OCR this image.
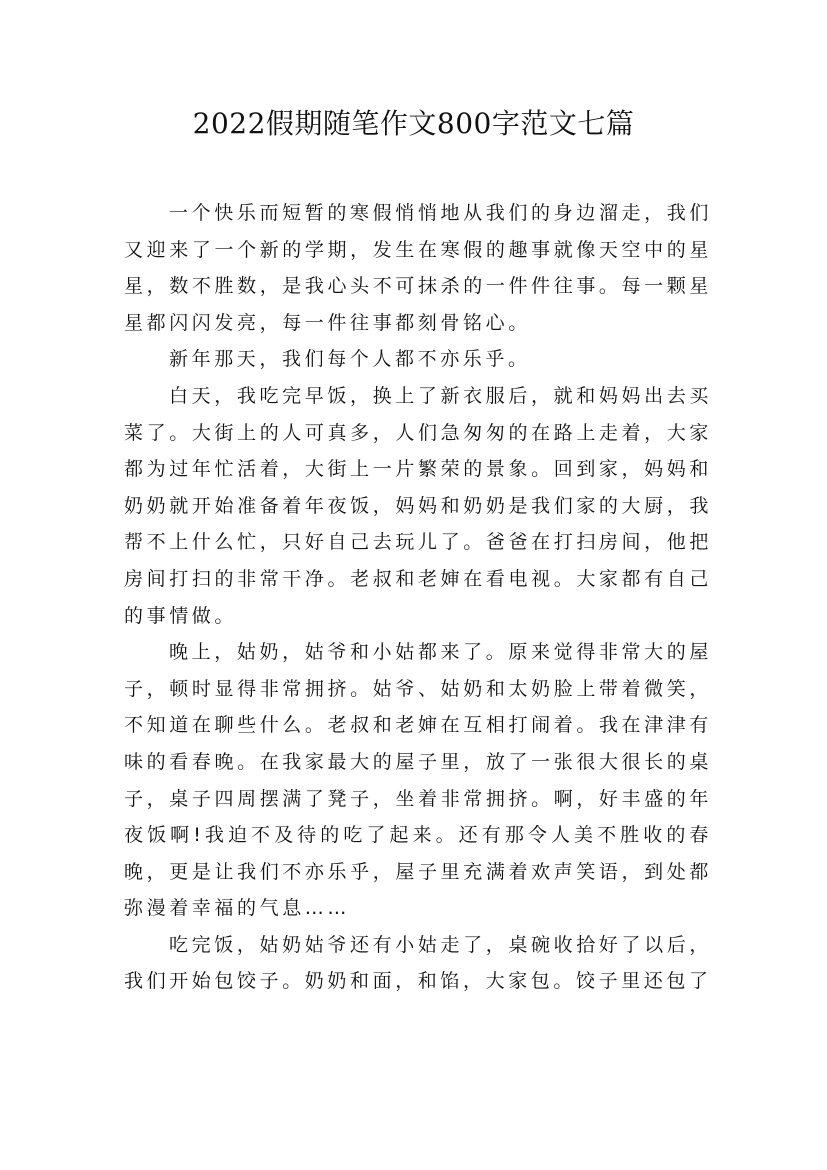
2022假期随笔作文800字范文七篇

一个快乐而短暂的寒假悄悄地从我们的身边溜走，我们又迎来了一个新的学期，发生在寒假的趣事就像天空中的星星，数不胜数，是我心头不可抹杀的一件件往事。每一颗星星都闪闪发亮，每一件往事都刻骨铭心。

新年那天，我们每个人都不亦乐乎。

白天，我吃完早饭，换上了新衣服后，就和妈妈出去买菜了。大街上的人可真多，人们急匆匆的在路上走着，大家都为过年忙活着，大街上一片繁荣的景象。回到家，妈妈和奶奶就开始准备着年夜饭，妈妈和奶奶是我们家的大厨，我帮不上什么忙，只好自己去玩儿了。爸爸在打扫房间，他把房间打扫的非常干净。老叔和老婶在看电视。大家都有自己的事情做。

晚上，姑奶，姑爷和小姑都来了。原来觉得非常大的屋子，顿时显得非常拥挤。姑爷、姑奶和太奶脸上带着微笑，不知道在聊些什么。老叔和老婶在互相打闹着。我在津津有味的看春晚。在我家最大的屋子里，放了一张很大很长的桌子，桌子四周摆满了凳子，坐着非常拥挤。啊，好丰盛的年夜饭啊!我迫不及待的吃了起来。还有那令人美不胜收的春晚，更是让我们不亦乐乎，屋子里充满着欢声笑语，到处都弥漫着幸福的气息……

吃完饭，姑奶姑爷还有小姑走了，桌碗收拾好了以后，我们开始包饺子。奶奶和面，和馅，大家包。饺子里还包了
